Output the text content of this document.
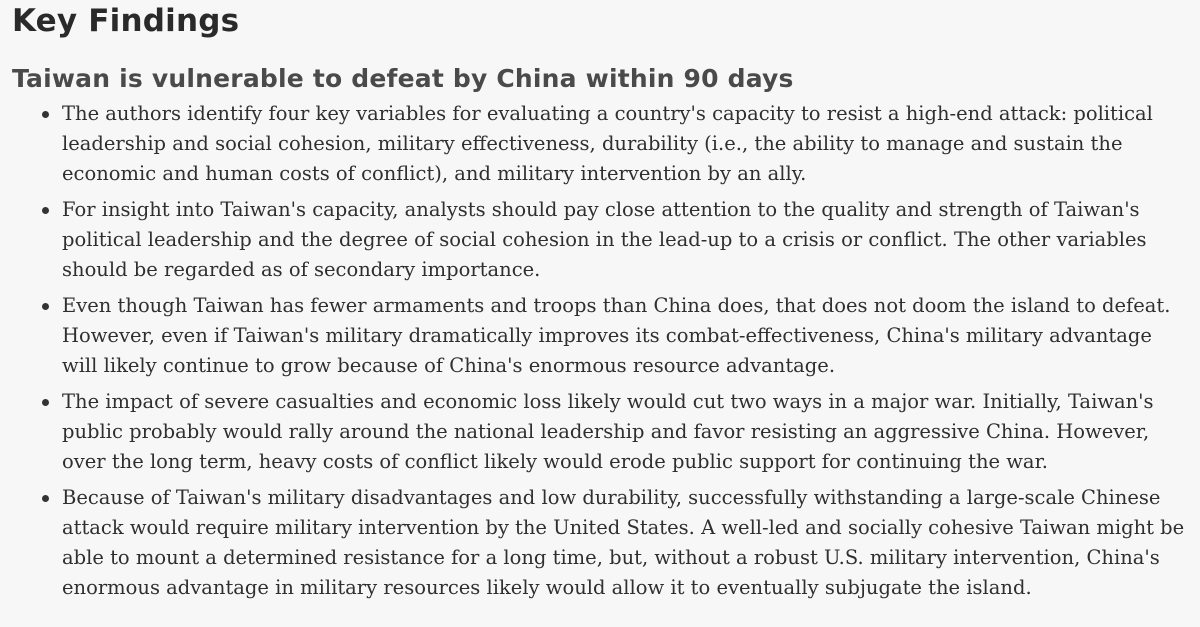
Key Findings
Taiwan is vulnerable to defeat by China within 90 days
The authors identify four key variables for evaluating a country's capacity to resist a high-end attack: political leadership and social cohesion, military effectiveness, durability (i.e., the ability to manage and sustain the economic and human costs of conflict), and military intervention by an ally.
For insight into Taiwan's capacity, analysts should pay close attention to the quality and strength of Taiwan's political leadership and the degree of social cohesion in the lead-up to a crisis or conflict. The other variables should be regarded as of secondary importance.
Even though Taiwan has fewer armaments and troops than China does, that does not doom the island to defeat. However, even if Taiwan's military dramatically improves its combat-effectiveness, China's military advantage will likely continue to grow because of China's enormous resource advantage.
The impact of severe casualties and economic loss likely would cut two ways in a major war. Initially, Taiwan's public probably would rally around the national leadership and favor resisting an aggressive China. However, over the long term, heavy costs of conflict likely would erode public support for continuing the war.
Because of Taiwan's military disadvantages and low durability, successfully withstanding a large-scale Chinese attack would require military intervention by the United States. A well-led and socially cohesive Taiwan might be able to mount a determined resistance for a long time, but, without a robust U.S. military intervention, China's enormous advantage in military resources likely would allow it to eventually subjugate the island.
